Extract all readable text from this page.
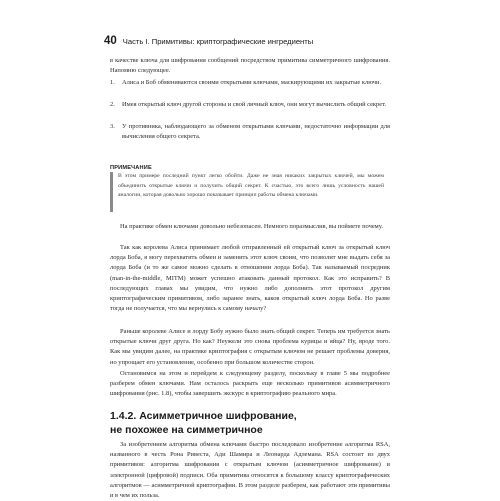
40 Часть I. Примитивы: криптографические ингредиенты

в качестве ключа для шифрования сообщений посредством примитива симметричного шифрования. Напомню следующее.

1.	Алиса и Боб обмениваются своими открытыми ключами, маскирующими их закрытые ключи.
2.	Имея открытый ключ другой стороны и свой личный ключ, они могут вычислить общий секрет.
3.	У противника, наблюдающего за обменом открытыми ключами, недостаточно информации для вычисления общего секрета.
ПРИМЕЧАНИЕ

В этом примере последний пункт легко обойти. Даже не зная никаких закрытых ключей, мы можем объединить открытые ключи и получить общий секрет. К счастью, это всего лишь условность нашей аналогии, которая довольно хорошо показывает принцип работы обмена ключами.

На практике обмен ключами довольно небезопасен. Немного поразмыслив, вы поймете почему.

Так как королева Алиса принимает любой отправленный ей открытый ключ за открытый ключ лорда Боба, я могу перехватить обмен и заменить этот ключ своим, что позволит мне выдать себя за лорда Боба (и то же самое можно сделать в отношении лорда Боба). Так называемый посредник (man-in-the-middle, MITM) может успешно атаковать данный протокол. Как это исправить? В последующих главах мы увидим, что нужно либо дополнить этот протокол другим криптографическим примитивом, либо заранее знать, каков открытый ключ лорда Боба. Но разве тогда не получается, что мы вернулись к самому началу?

Раньше королеве Алисе и лорду Бобу нужно было знать общий секрет. Теперь им требуется знать открытые ключи друг друга. Но как? Неужели это снова проблема курицы и яйца? Ну, вроде того. Как мы увидим далее, на практике криптография с открытым ключом не решает проблемы доверия, но упрощает его установление, особенно при большом количестве сторон.

Остановимся на этом и перейдем к следующему разделу, поскольку в главе 5 мы подробнее разберем обмен ключами. Нам осталось раскрыть еще несколько примитивов асимметричного шифрования (рис. 1.8), чтобы завершить экскурс в криптографию реального мира.

1.4.2. Асимметричное шифрование,
не похожее на симметричное

За изобретением алгоритма обмена ключами быстро последовало изобретение алгоритма RSA, названного в честь Рона Ривеста, Ади Шамира и Леонарда Адлемана. RSA состоит из двух примитивов: алгоритма шифрования с открытым ключом (асимметричное шифрование) и электронной (цифровой) подписи. Оба примитива относятся к большому классу криптографических алгоритмов — асимметричной криптографии. В этом разделе разберем, как работают эти примитивы и в чем их польза.
